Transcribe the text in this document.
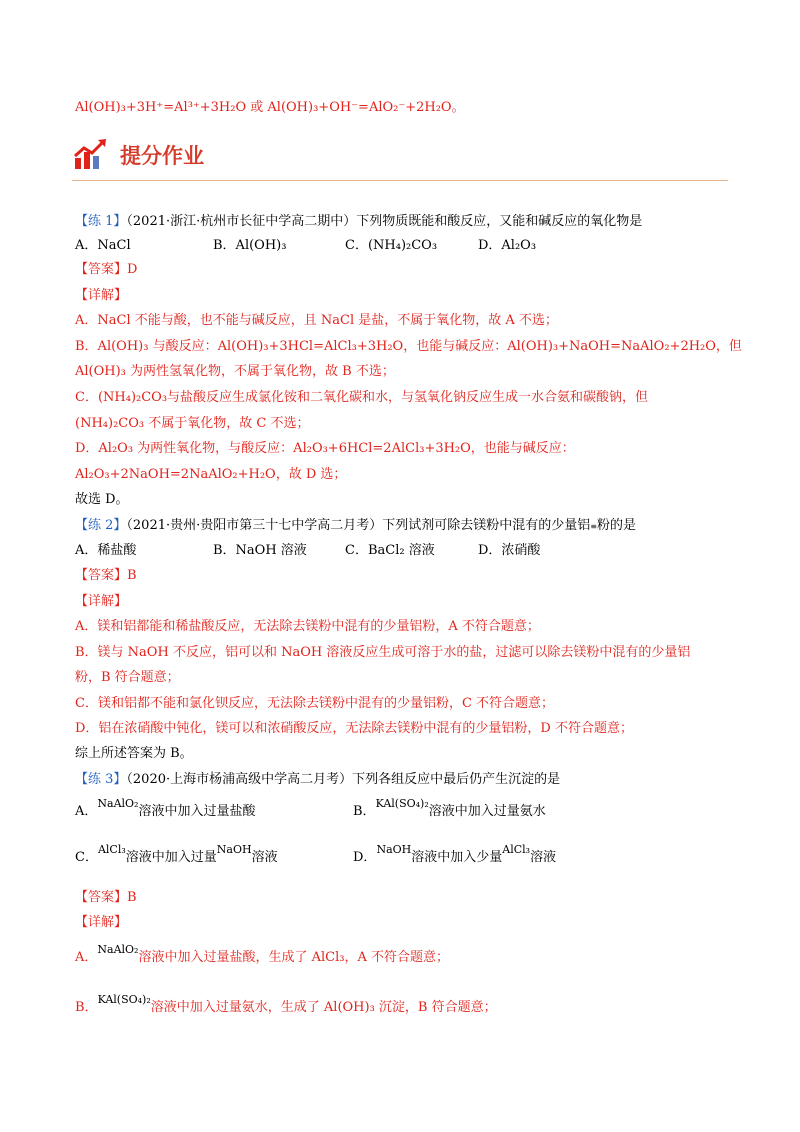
Al(OH)₃+3H⁺=Al³⁺+3H₂O 或 Al(OH)₃+OH⁻=AlO₂⁻+2H₂O。
提分作业
【练 1】（2021·浙江·杭州市长征中学高二期中）下列物质既能和酸反应，又能和碱反应的氧化物是
A．NaCl	B．Al(OH)₃	C．(NH₄)₂CO₃	D．Al₂O₃
【答案】D
【详解】
A．NaCl 不能与酸，也不能与碱反应，且 NaCl 是盐，不属于氧化物，故 A 不选；
B．Al(OH)₃ 与酸反应：Al(OH)₃+3HCl=AlCl₃+3H₂O，也能与碱反应：Al(OH)₃+NaOH=NaAlO₂+2H₂O，但
Al(OH)₃ 为两性氢氧化物，不属于氧化物，故 B 不选；
C．(NH₄)₂CO₃与盐酸反应生成氯化铵和二氧化碳和水，与氢氧化钠反应生成一水合氨和碳酸钠，但
(NH₄)₂CO₃ 不属于氧化物，故 C 不选；
D．Al₂O₃ 为两性氧化物，与酸反应：Al₂O₃+6HCl=2AlCl₃+3H₂O，也能与碱反应：
Al₂O₃+2NaOH=2NaAlO₂+H₂O，故 D 选；
故选 D。
【练 2】（2021·贵州·贵阳市第三十七中学高二月考）下列试剂可除去镁粉中混有的少量铝≡粉的是
A．稀盐酸	B．NaOH 溶液	C．BaCl₂ 溶液	D．浓硝酸
【答案】B
【详解】
A．镁和铝都能和稀盐酸反应，无法除去镁粉中混有的少量铝粉，A 不符合题意；
B．镁与 NaOH 不反应，铝可以和 NaOH 溶液反应生成可溶于水的盐，过滤可以除去镁粉中混有的少量铝
粉，B 符合题意；
C．镁和铝都不能和氯化钡反应，无法除去镁粉中混有的少量铝粉，C 不符合题意；
D．铝在浓硝酸中钝化，镁可以和浓硝酸反应，无法除去镁粉中混有的少量铝粉，D 不符合题意；
综上所述答案为 B。
【练 3】（2020·上海市杨浦高级中学高二月考）下列各组反应中最后仍产生沉淀的是
A．$^{NaAlO_2}$溶液中加入过量盐酸	B．$^{KAl(SO_4)_2}$溶液中加入过量氨水
C．$^{AlCl_3}$溶液中加入过量$^{NaOH}$溶液	D．$^{NaOH}$溶液中加入少量$^{AlCl_3}$溶液
【答案】B
【详解】
A．$^{NaAlO_2}$溶液中加入过量盐酸，生成了 AlCl₃，A 不符合题意；
B．$^{KAl(SO_4)_2}$溶液中加入过量氨水，生成了 Al(OH)₃ 沉淀，B 符合题意；
